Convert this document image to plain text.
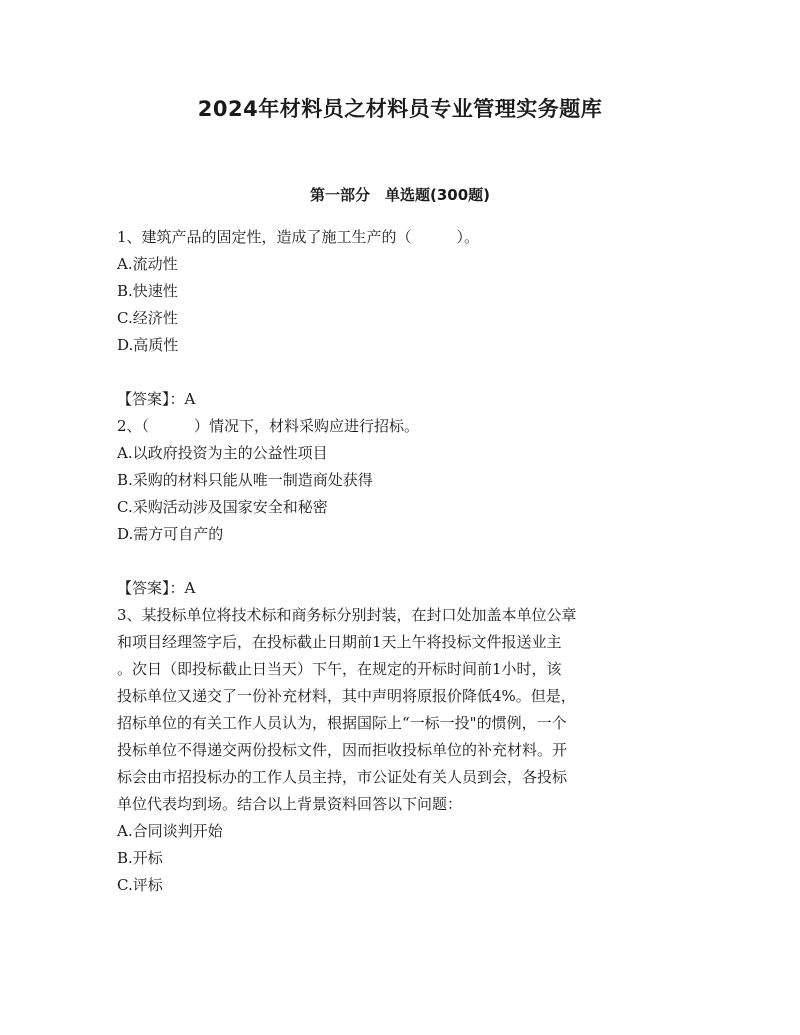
2024年材料员之材料员专业管理实务题库
第一部分　单选题(300题)
1、建筑产品的固定性，造成了施工生产的（　　　）。
A.流动性
B.快速性
C.经济性
D.高质性
【答案】：A
2、（　　　）情况下，材料采购应进行招标。
A.以政府投资为主的公益性项目
B.采购的材料只能从唯一制造商处获得
C.采购活动涉及国家安全和秘密
D.需方可自产的
【答案】：A
3、某投标单位将技术标和商务标分别封装，在封口处加盖本单位公章
和项目经理签字后，在投标截止日期前1天上午将投标文件报送业主
。次日（即投标截止日当天）下午，在规定的开标时间前1小时，该
投标单位又递交了一份补充材料，其中声明将原报价降低4%。但是，
招标单位的有关工作人员认为，根据国际上“一标一投"的惯例，一个
投标单位不得递交两份投标文件，因而拒收投标单位的补充材料。开
标会由市招投标办的工作人员主持，市公证处有关人员到会，各投标
单位代表均到场。结合以上背景资料回答以下问题：
A.合同谈判开始
B.开标
C.评标
